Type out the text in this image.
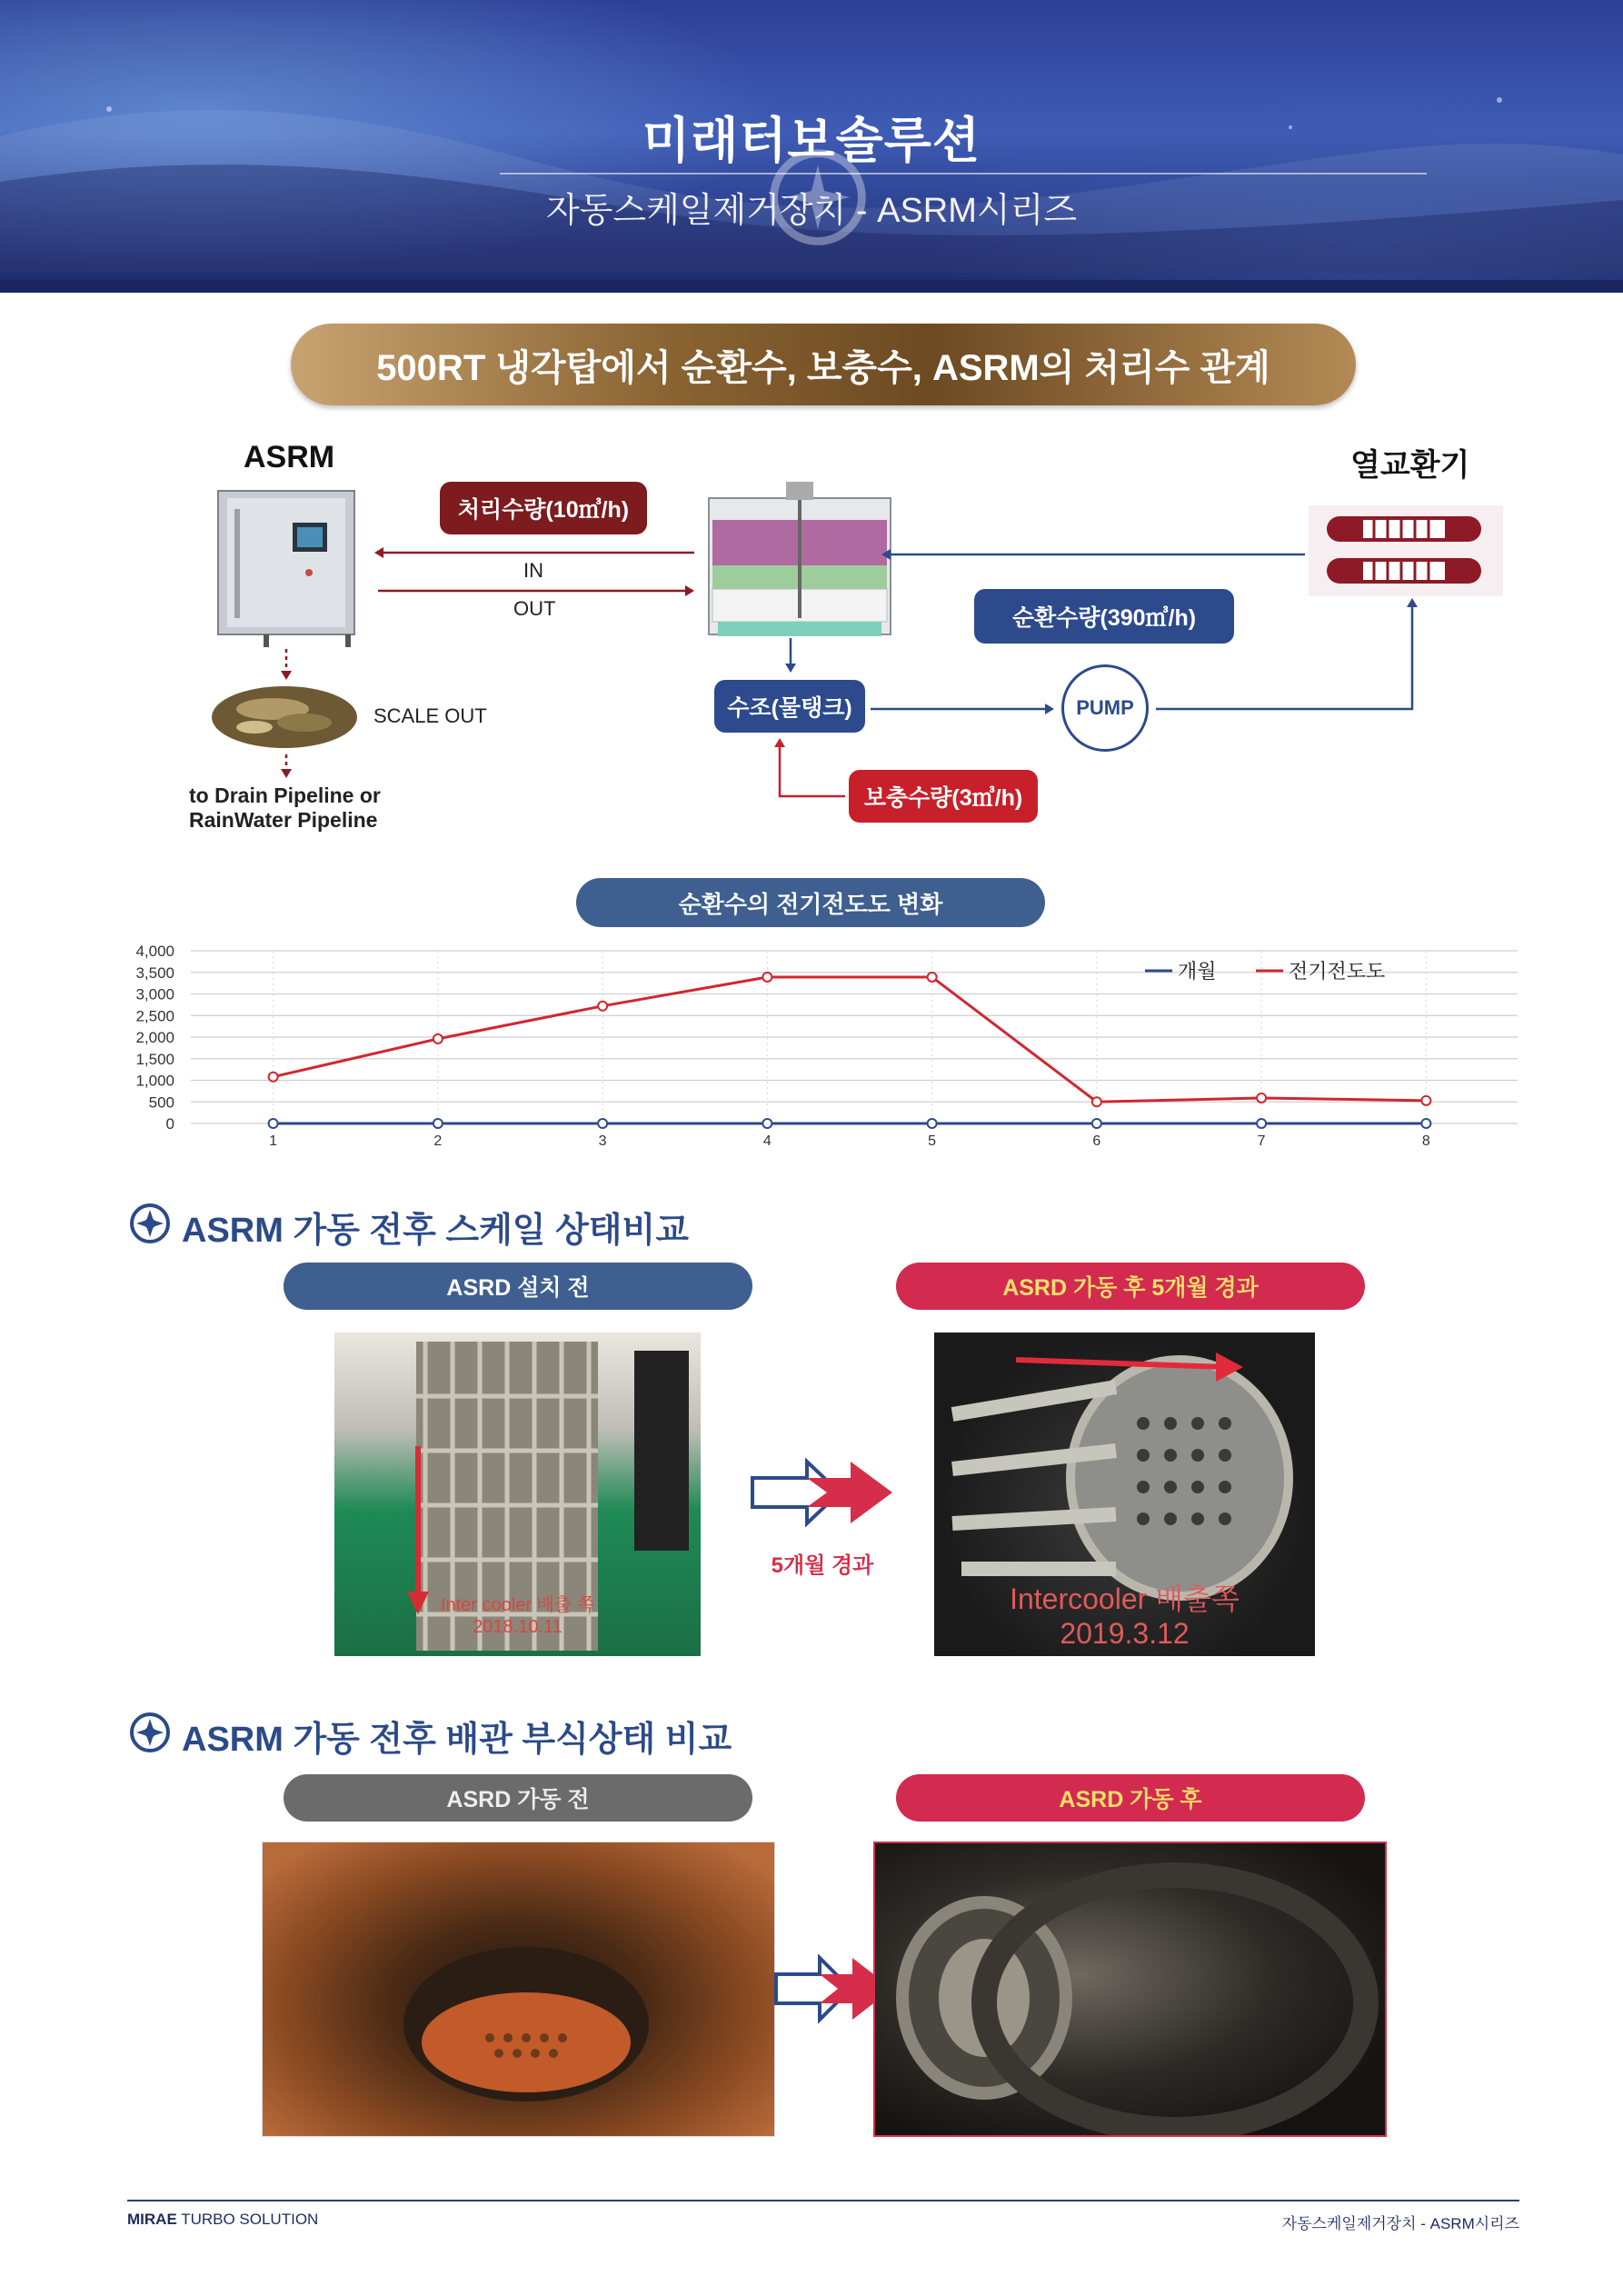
미래터보솔루션
자동스케일제거장치 - ASRM시리즈
500RT 냉각탑에서 순환수, 보충수, ASRM의 처리수 관계
ASRM	열교환기
처리수량(10㎥/h)
IN
OUT	순환수량(390㎥/h)
수조(물탱크)	PUMP
보충수량(3㎥/h)
SCALE OUT
to Drain Pipeline or
RainWater Pipeline
순환수의 전기전도도 변화
0
500
1,000
1,500
2,000
2,500
3,000
3,500
4,000
1	2	3	4	5	6	7	8
개월	전기전도도
ASRM 가동 전후 스케일 상태비교
ASRD 설치 전	ASRD 가동 후 5개월 경과
Inter cooler 배출 쪽
2018.10.11
5개월 경과
Intercooler 배출쪽
2019.3.12
ASRM 가동 전후 배관 부식상태 비교
ASRD 가동 전	ASRD 가동 후
MIRAE TURBO SOLUTION	자동스케일제거장치 - ASRM시리즈
